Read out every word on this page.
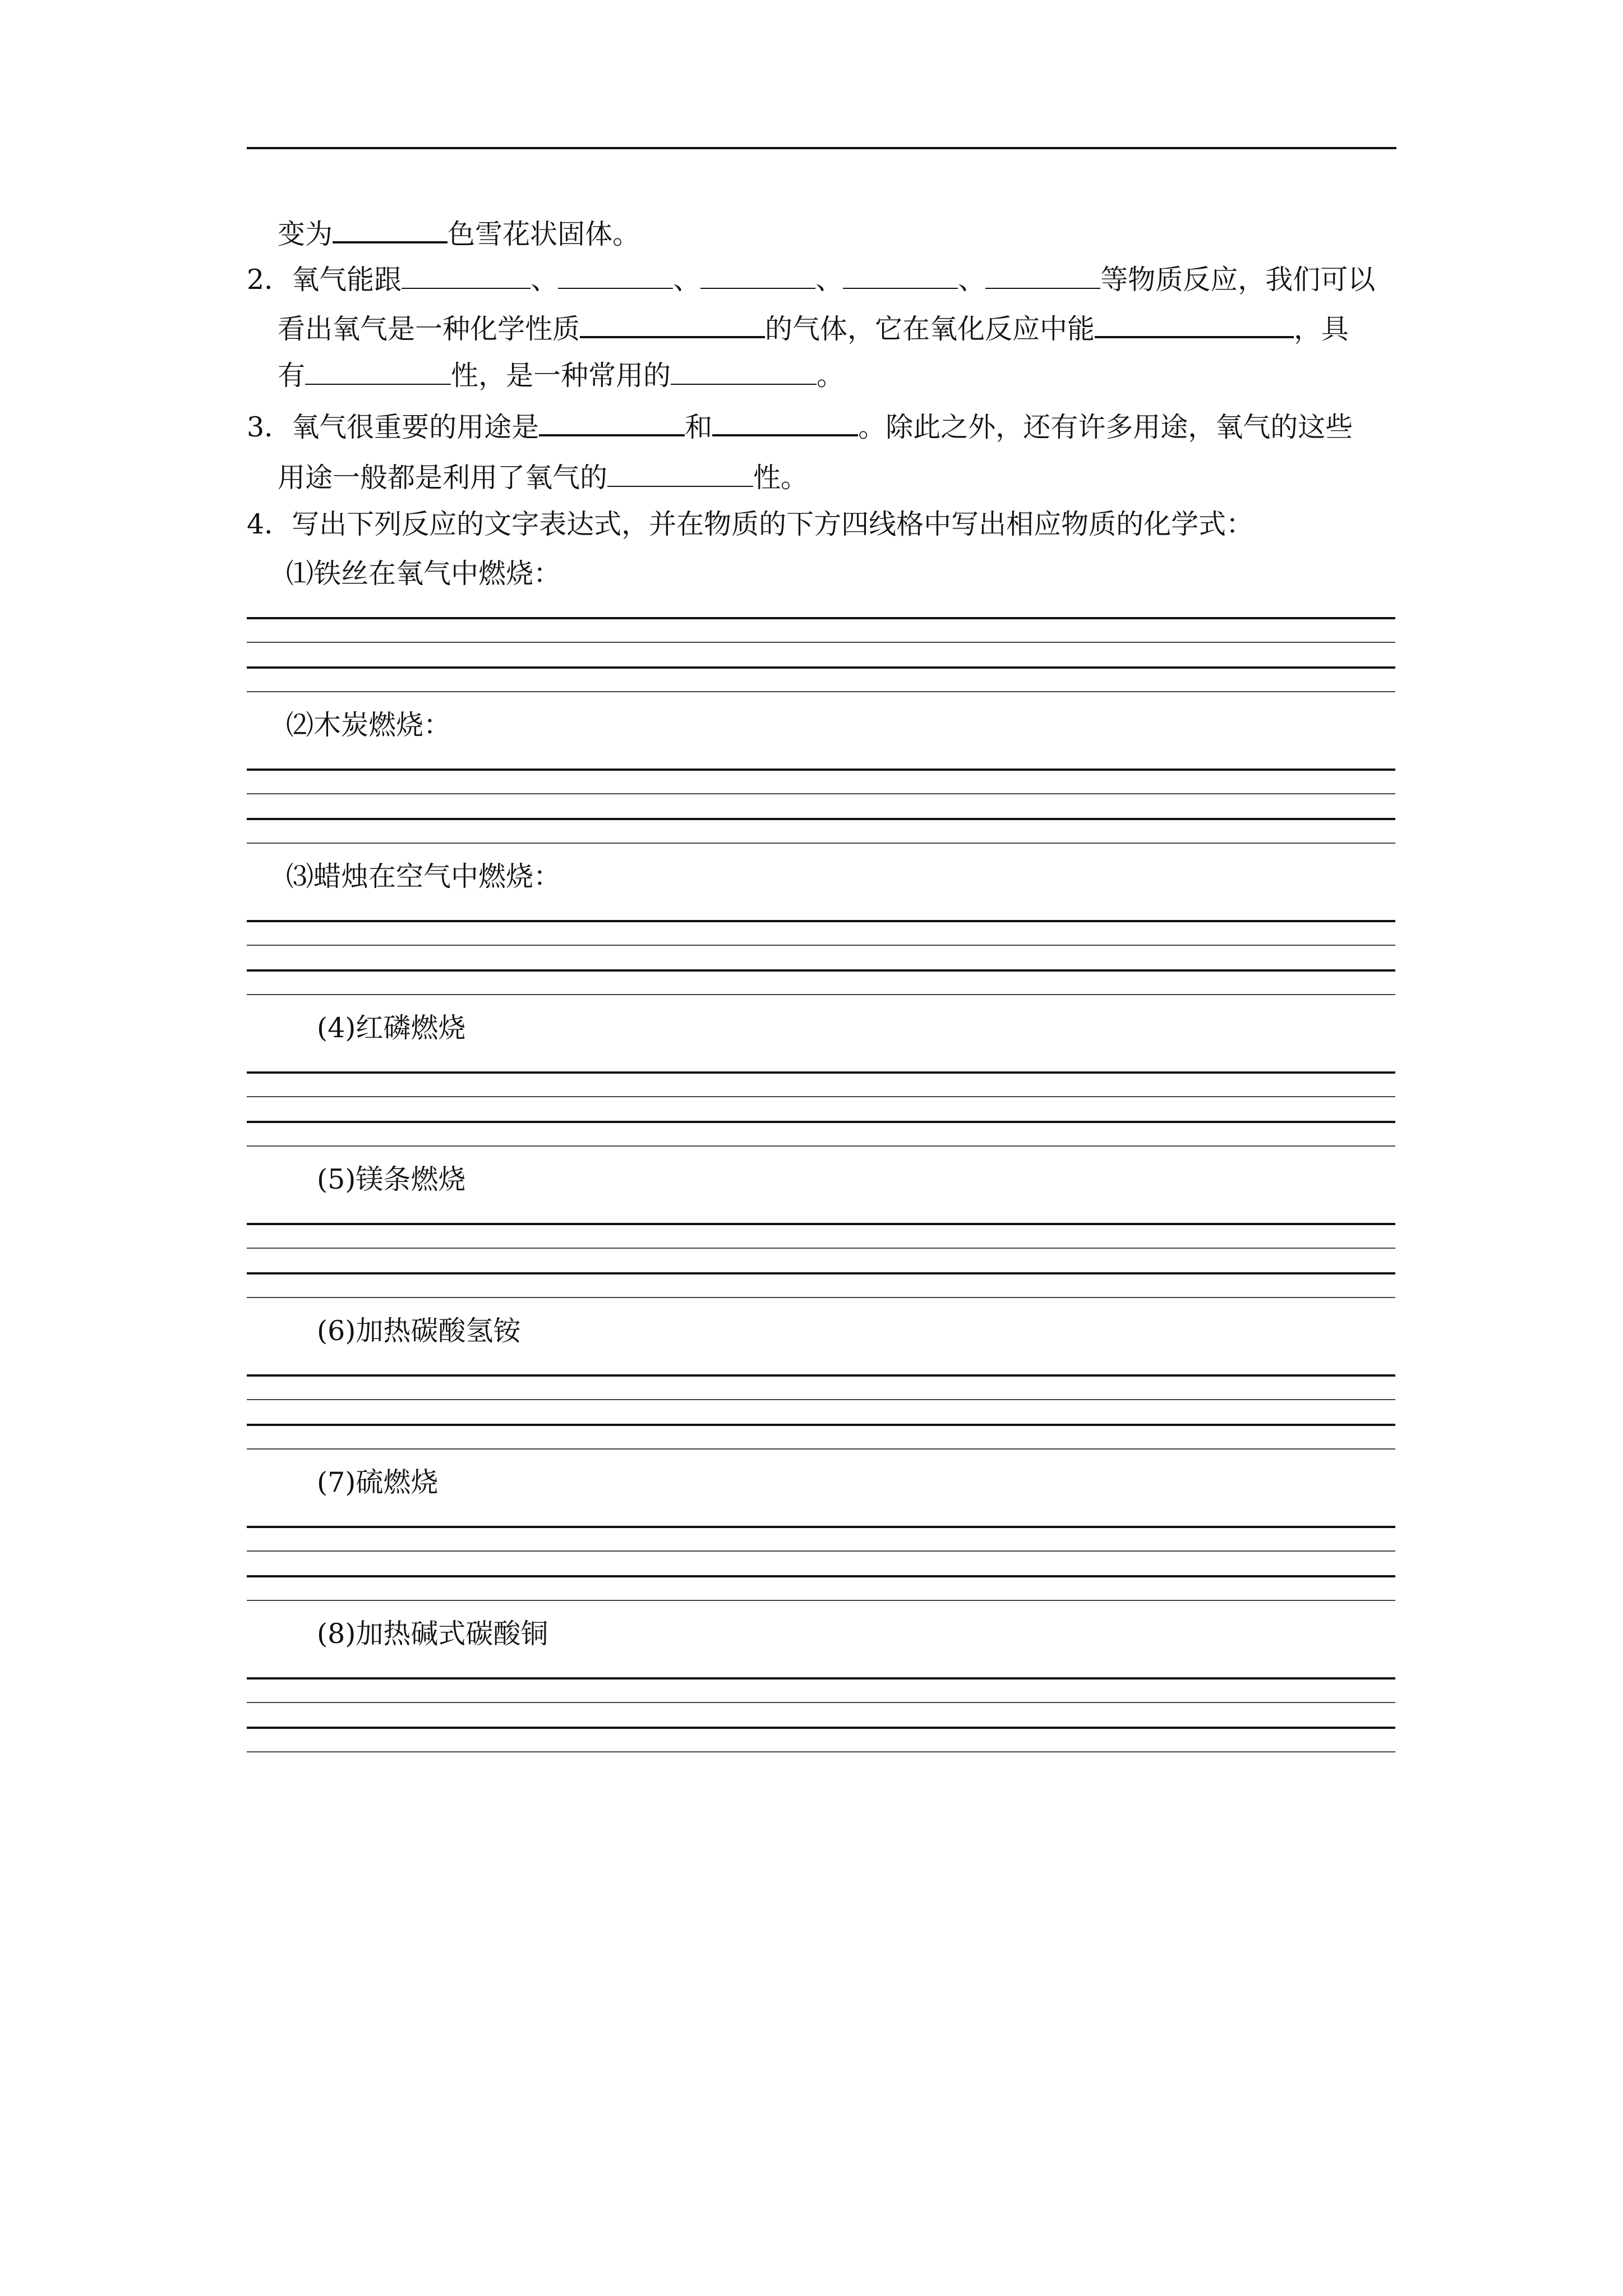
变为	色雪花状固体。
2．氧气能跟	、	、	、	、	等物质反应，我们可以
看出氧气是一种化学性质	的气体，它在氧化反应中能	，具
有	性，是一种常用的	。
3．氧气很重要的用途是	和	。除此之外，还有许多用途，氧气的这些
用途一般都是利用了氧气的	性。
4．写出下列反应的文字表达式，并在物质的下方四线格中写出相应物质的化学式：
⑴铁丝在氧气中燃烧：
⑵木炭燃烧：
⑶蜡烛在空气中燃烧：
(4)红磷燃烧
(5)镁条燃烧
(6)加热碳酸氢铵
(7)硫燃烧
(8)加热碱式碳酸铜
